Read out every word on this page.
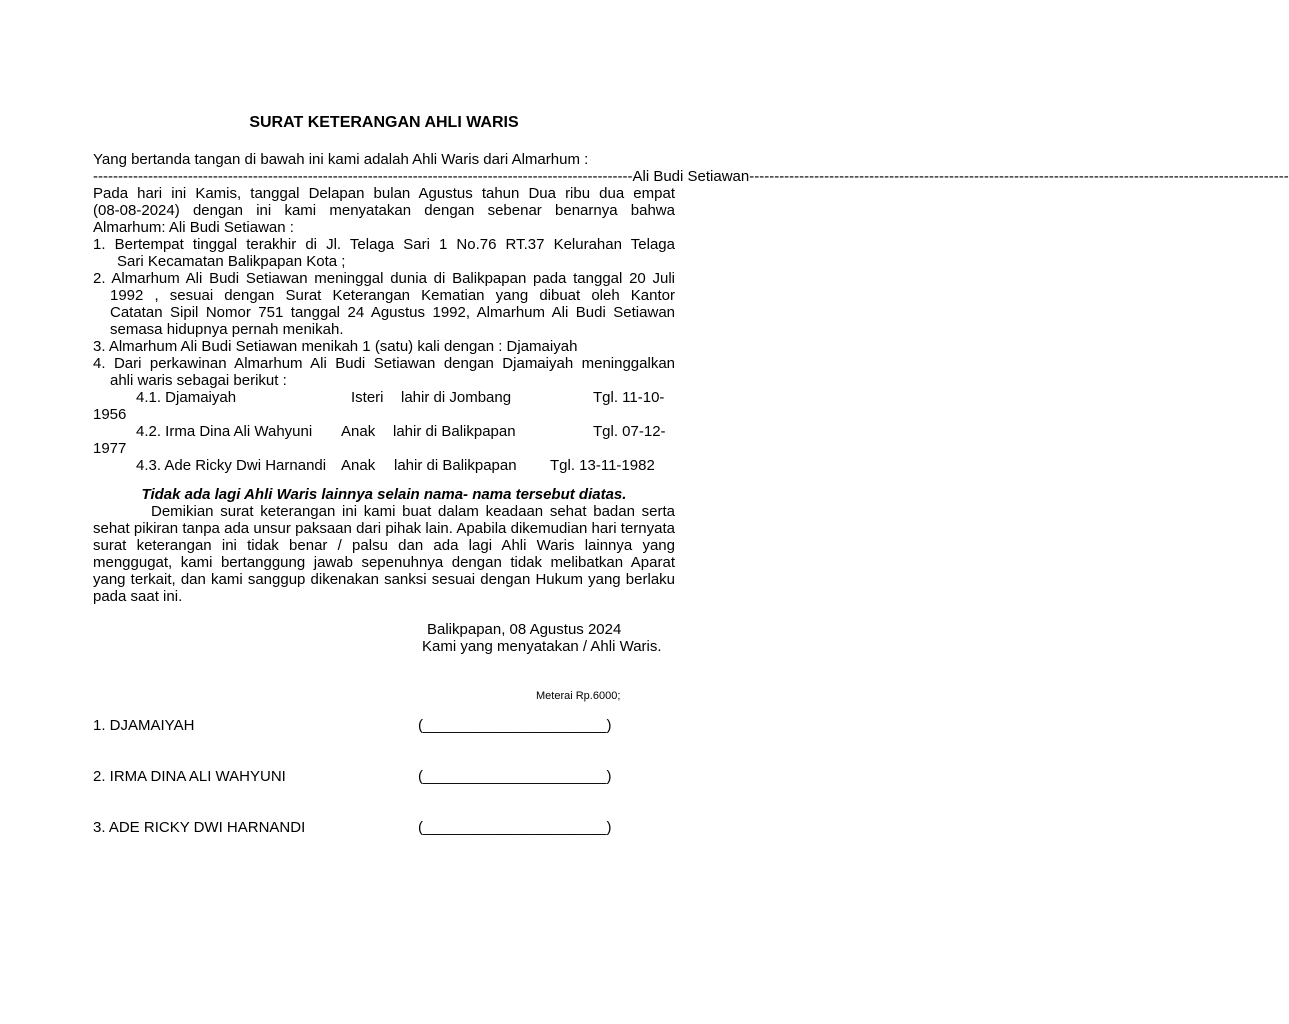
SURAT KETERANGAN AHLI WARIS
Yang bertanda tangan di bawah ini kami adalah Ahli Waris dari Almarhum :
------------------------------------------------------------------------------------------------------------ Ali Budi Setiawan ------------------------------------------------------------------------------------------------------------
Pada hari ini Kamis, tanggal Delapan bulan Agustus tahun Dua ribu dua empat
(08-08-2024) dengan ini kami menyatakan dengan sebenar benarnya bahwa
Almarhum: Ali Budi Setiawan :
1. Bertempat tinggal terakhir di Jl. Telaga Sari 1 No.76 RT.37 Kelurahan Telaga
Sari Kecamatan Balikpapan Kota ;
2. Almarhum Ali Budi Setiawan meninggal dunia di Balikpapan pada tanggal 20 Juli
1992 , sesuai dengan Surat Keterangan Kematian yang dibuat oleh Kantor
Catatan Sipil Nomor 751 tanggal 24 Agustus 1992, Almarhum Ali Budi Setiawan
semasa hidupnya pernah menikah.
3. Almarhum Ali Budi Setiawan menikah 1 (satu) kali dengan : Djamaiyah
4. Dari perkawinan Almarhum Ali Budi Setiawan dengan Djamaiyah meninggalkan
ahli waris sebagai berikut :
4.1. Djamaiyah	Isteri lahir di Jombang	Tgl. 11-10-
1956
4.2. Irma Dina Ali Wahyuni Anak lahir di Balikpapan	Tgl. 07-12-
1977
4.3. Ade Ricky Dwi Harnandi Anak lahir di Balikpapan Tgl. 13-11-1982
Tidak ada lagi Ahli Waris lainnya selain nama- nama tersebut diatas.
Demikian surat keterangan ini kami buat dalam keadaan sehat badan serta sehat pikiran tanpa ada unsur paksaan dari pihak lain. Apabila dikemudian hari ternyata surat keterangan ini tidak benar / palsu dan ada lagi Ahli Waris lainnya yang menggugat, kami bertanggung jawab sepenuhnya dengan tidak melibatkan Aparat yang terkait, dan kami sanggup dikenakan sanksi sesuai dengan Hukum yang berlaku pada saat ini.
Balikpapan, 08 Agustus 2024
Kami yang menyatakan / Ahli Waris.
Meterai Rp.6000;
1. DJAMAIYAH	(______________________)
2. IRMA DINA ALI WAHYUNI	(______________________)
3. ADE RICKY DWI HARNANDI	(______________________)
